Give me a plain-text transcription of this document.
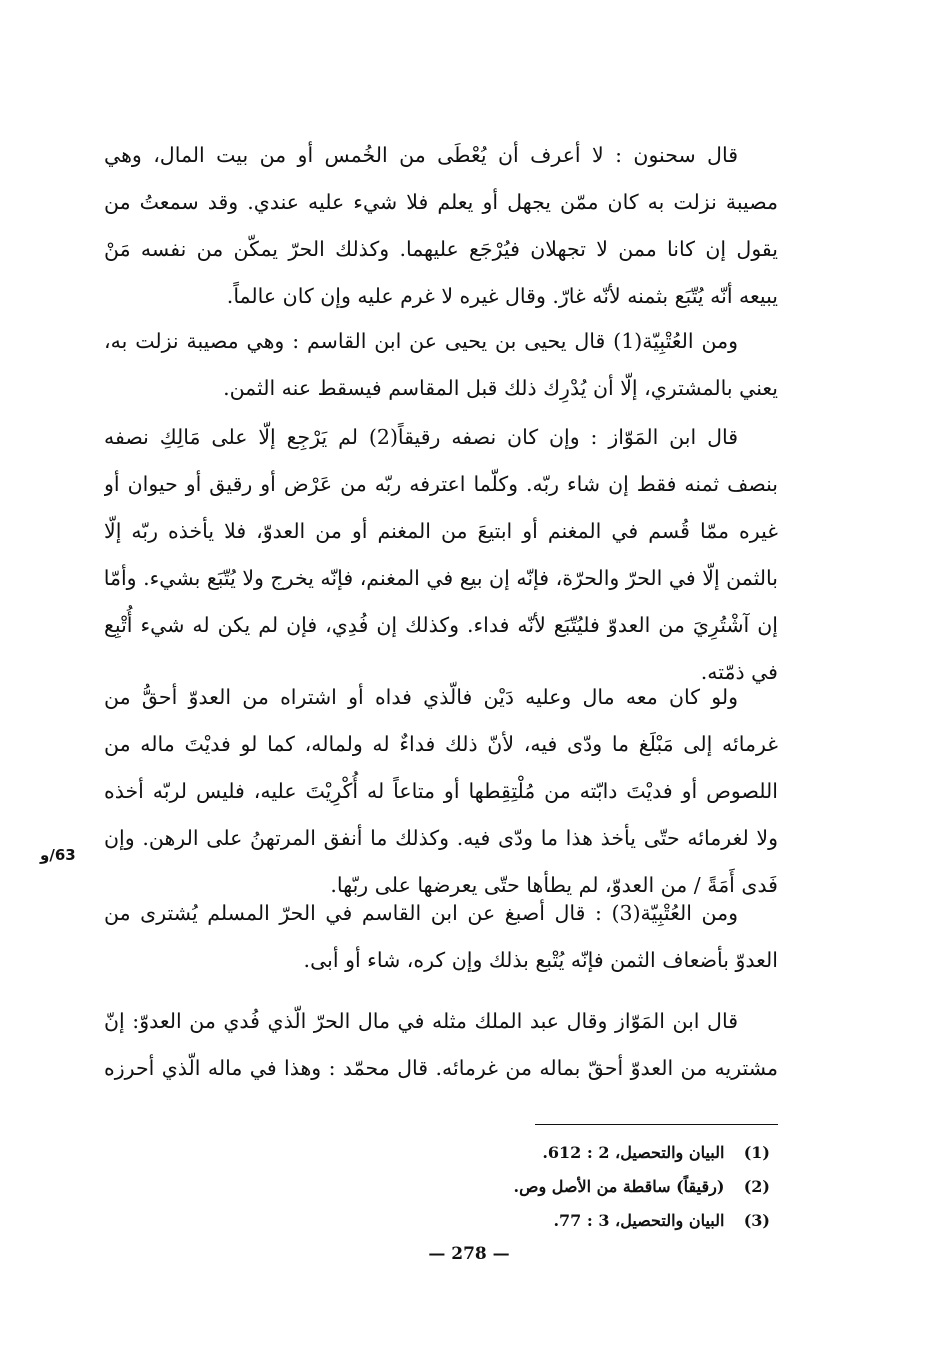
قال سحنون : لا أعرف أن يُعْطَى من الخُمس أو من بيت المال، وهي
مصيبة نزلت به كان ممّن يجهل أو يعلم فلا شيء عليه عندي. وقد سمعتُ من
يقول إن كانا ممن لا تجهلان فيُرْجَع عليهما. وكذلك الحرّ يمكّن من نفسه مَنْ
يبيعه أنّه يُتّبَع بثمنه لأنّه غارّ. وقال غيره لا غرم عليه وإن كان عالماً.
ومن العُتْبِيّة(1) قال يحيى بن يحيى عن ابن القاسم : وهي مصيبة نزلت به،
يعني بالمشتري، إلّا أن يُدْرِك ذلك قبل المقاسم فيسقط عنه الثمن.
قال ابن المَوّاز : وإن كان نصفه رقيقاً(2) لم يَرْجِع إلّا على مَالِكِ نصفه
بنصف ثمنه فقط إن شاء ربّه. وكلّما اعترفه ربّه من عَرْض أو رقيق أو حيوان أو
غيره ممّا قُسم في المغنم أو ابتيعَ من المغنم أو من العدوّ، فلا يأخذه ربّه إلّا
بالثمن إلّا في الحرّ والحرّة، فإنّه إن بيع في المغنم، فإنّه يخرج ولا يُتّبَع بشيء. وأمّا
إن آشْتُرِيَ من العدوّ فليُتّبَع لأنّه فداء. وكذلك إن فُدِي، فإن لم يكن له شيء أُتْبِع
في ذمّته.
ولو كان معه مال وعليه دَيْن فالّذي فداه أو اشتراه من العدوّ أحقُّ من
غرمائه إلى مَبْلَغ ما ودّى فيه، لأنّ ذلك فداءٌ له ولماله، كما لو فديْتَ ماله من
اللصوص أو فديْتَ دابّته من مُلْتِقِطها أو متاعاً له أُكْرِيْتَ عليه، فليس لربّه أخذه
ولا لغرمائه حتّى يأخذ هذا ما ودّى فيه. وكذلك ما أنفق المرتهنُ على الرهن. وإن
فَدى أَمَةً / من العدوّ، لم يطأها حتّى يعرضها على ربّها.
ومن العُتْبِيّة(3) : قال أصبغ عن ابن القاسم في الحرّ المسلم يُشترى من
العدوّ بأضعاف الثمن فإنّه يُتْبع بذلك وإن كره، شاء أو أبى.
قال ابن المَوّاز وقال عبد الملك مثله في مال الحرّ الّذي فُدي من العدوّ: إنّ
مشتريه من العدوّ أحقّ بماله من غرمائه. قال محمّد : وهذا في ماله الّذي أحرزه
63/و
(1) البيان والتحصيل، 2 : 612.
(2) (رقيقاً) ساقطة من الأصل وص.
(3) البيان والتحصيل، 3 : 77.
— 278 —
